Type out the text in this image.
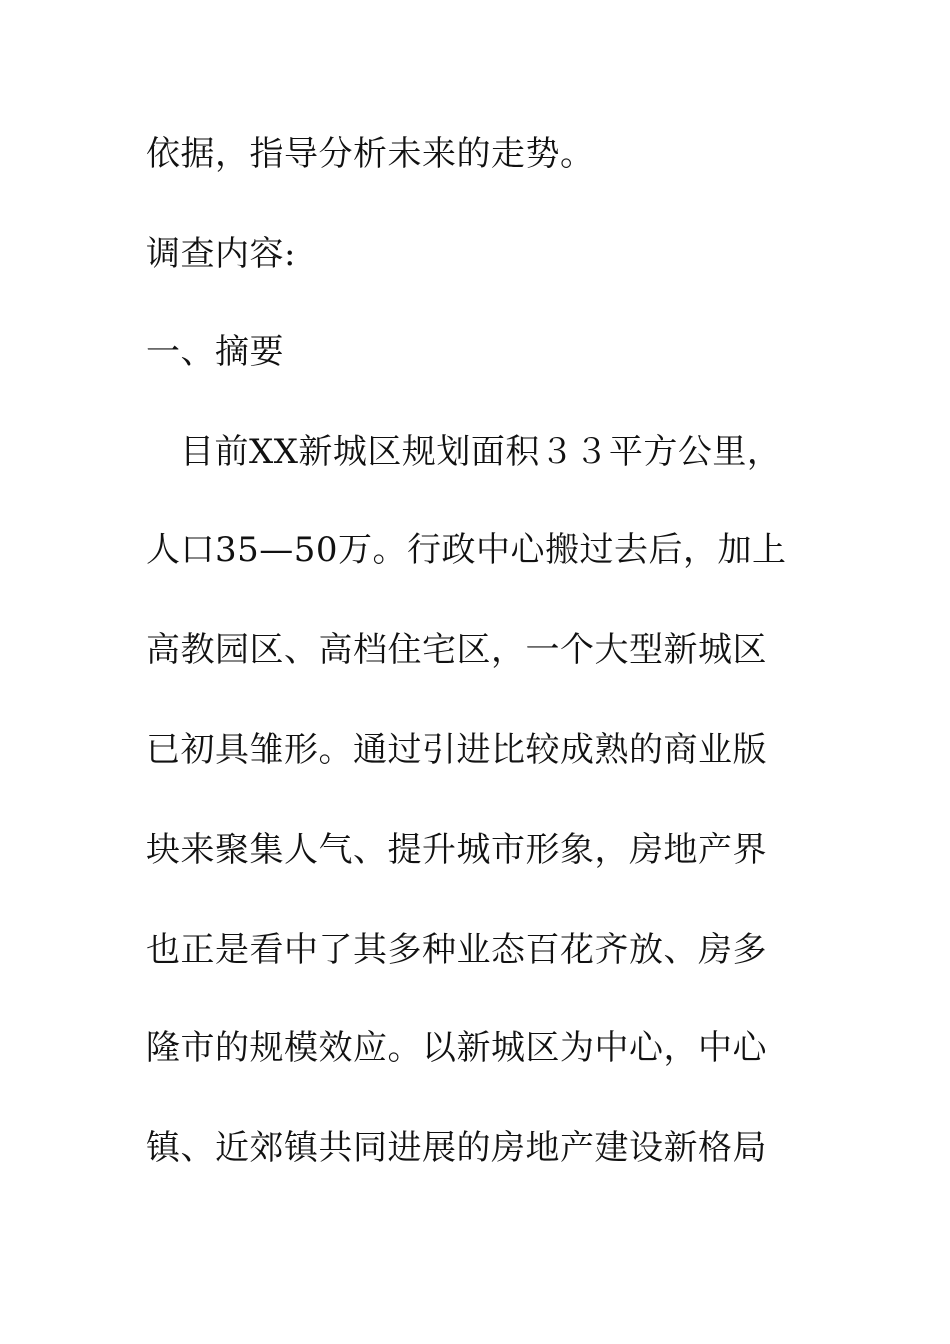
依据，指导分析未来的走势。
调查内容:
一、摘要
目前XX新城区规划面积３３平方公里，
人口35—50万。行政中心搬过去后，加上
高教园区、高档住宅区，一个大型新城区
已初具雏形。通过引进比较成熟的商业版
块来聚集人气、提升城市形象，房地产界
也正是看中了其多种业态百花齐放、房多
隆市的规模效应。以新城区为中心，中心
镇、近郊镇共同进展的房地产建设新格局
